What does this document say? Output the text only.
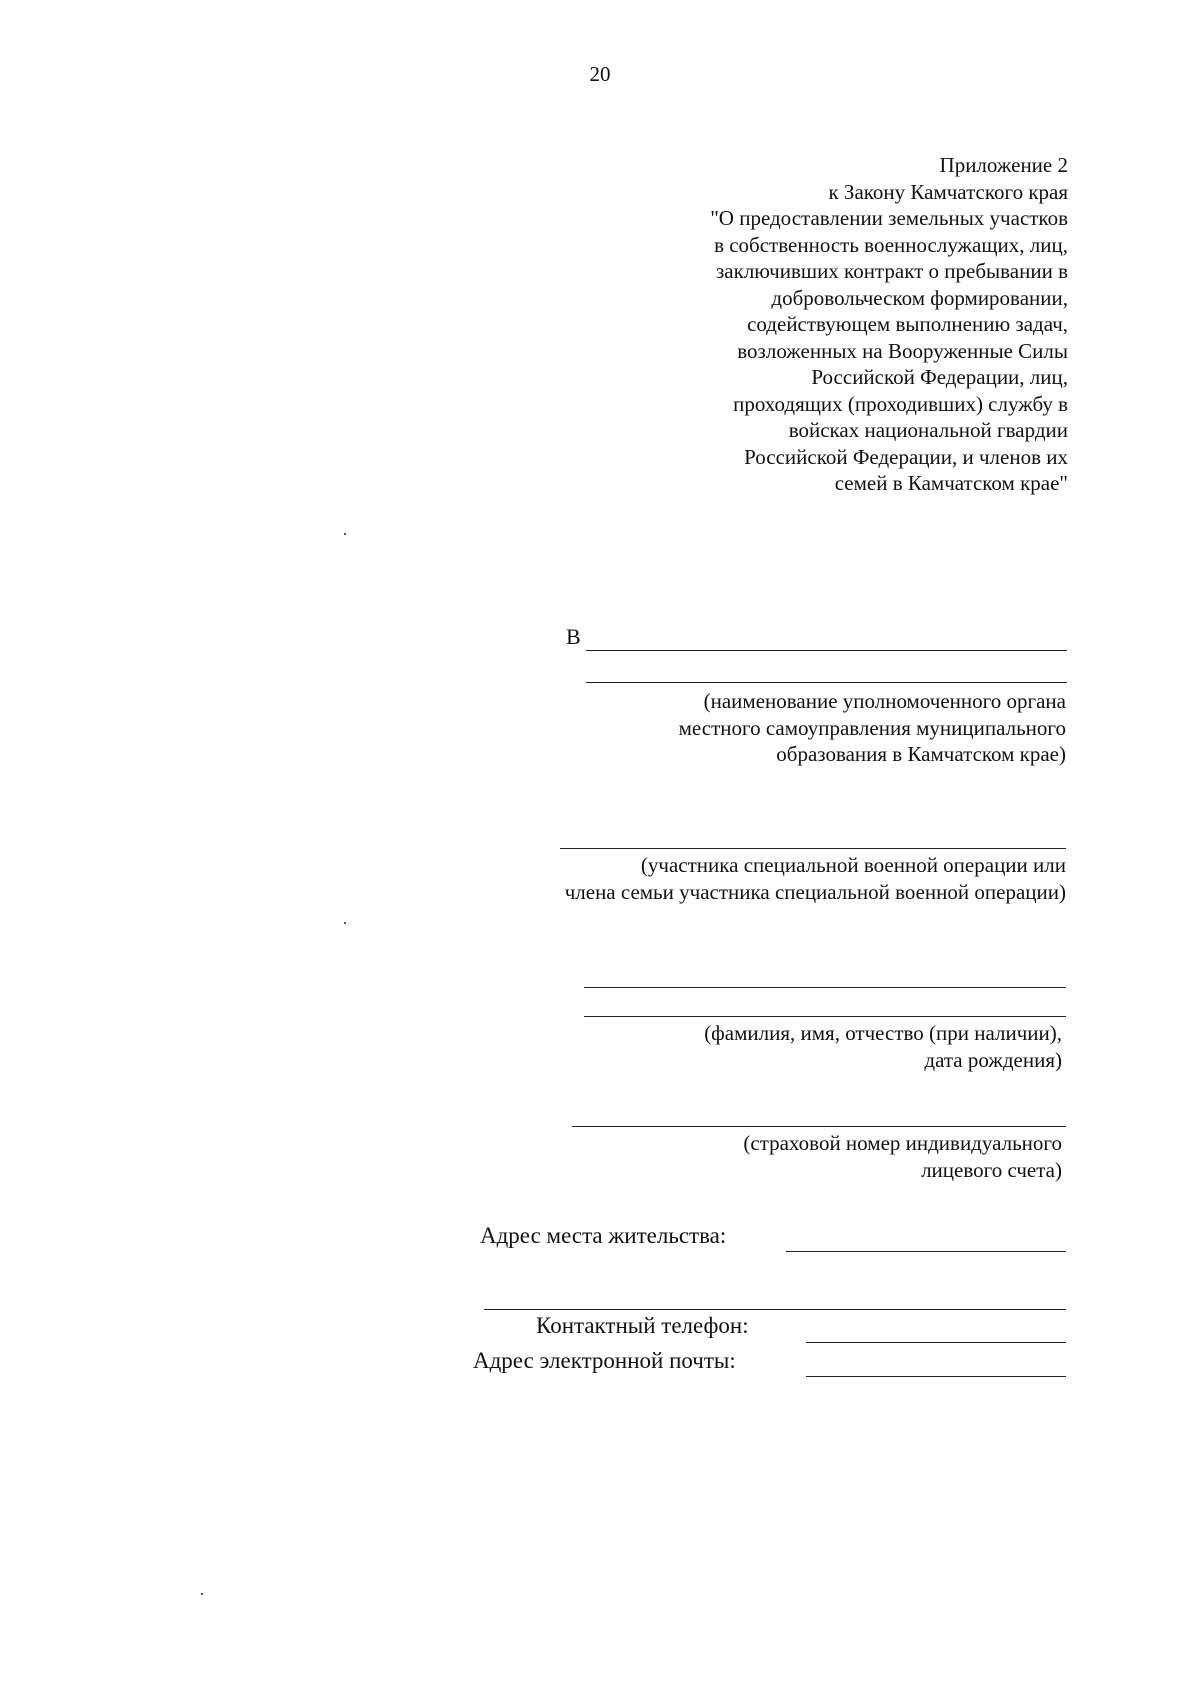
20
Приложение 2
к Закону Камчатского края
"О предоставлении земельных участков
в собственность военнослужащих, лиц,
заключивших контракт о пребывании в
добровольческом формировании,
содействующем выполнению задач,
возложенных на Вооруженные Силы
Российской Федерации, лиц,
проходящих (проходивших) службу в
войсках национальной гвардии
Российской Федерации, и членов их
семей в Камчатском крае"
В
(наименование уполномоченного органа
местного самоуправления муниципального
образования в Камчатском крае)
(участника специальной военной операции или
члена семьи участника специальной военной операции)
(фамилия, имя, отчество (при наличии),
дата рождения)
(страховой номер индивидуального
лицевого счета)
Адрес места жительства:
Контактный телефон:
Адрес электронной почты:
